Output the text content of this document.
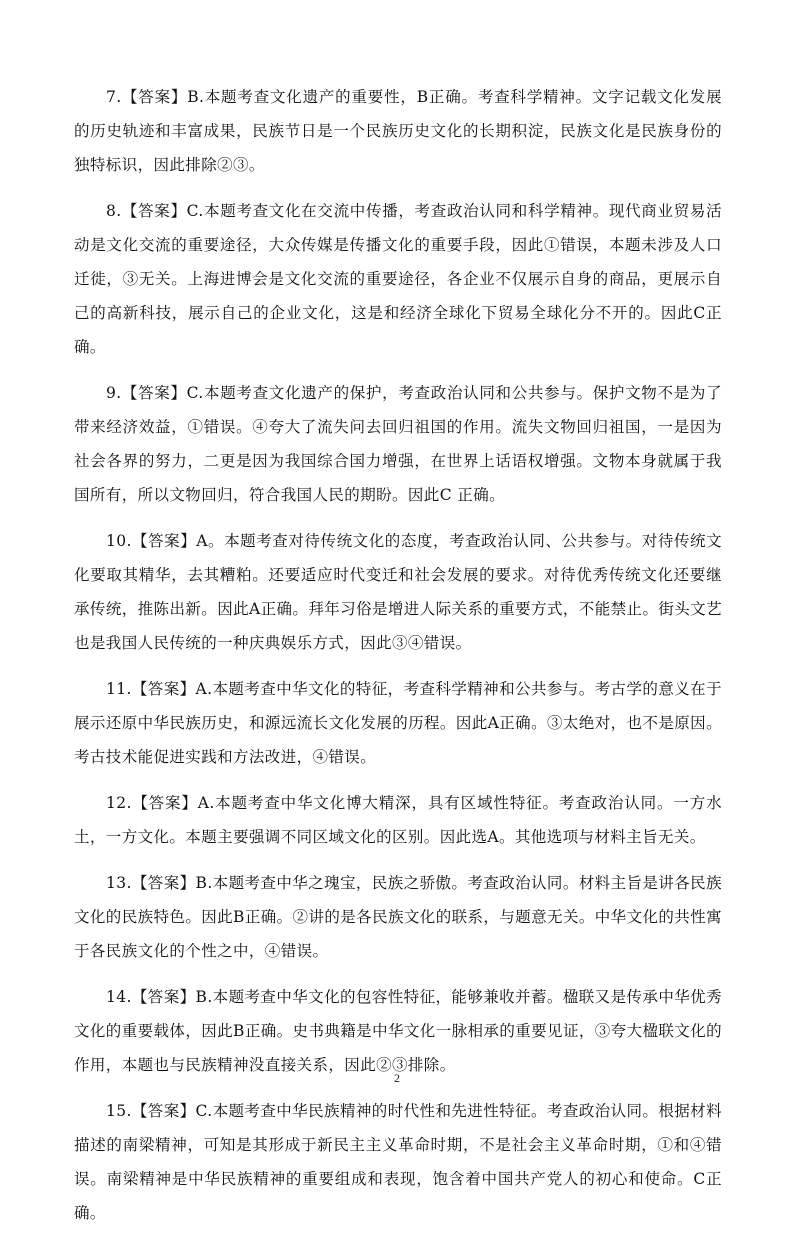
7.【答案】B.本题考查文化遗产的重要性，B正确。考查科学精神。文字记载文化发展的历史轨迹和丰富成果，民族节日是一个民族历史文化的长期积淀，民族文化是民族身份的独特标识，因此排除②③。

8.【答案】C.本题考查文化在交流中传播，考查政治认同和科学精神。现代商业贸易活动是文化交流的重要途径，大众传媒是传播文化的重要手段，因此①错误，本题未涉及人口迁徙，③无关。上海进博会是文化交流的重要途径，各企业不仅展示自身的商品，更展示自己的高新科技，展示自己的企业文化，这是和经济全球化下贸易全球化分不开的。因此C正确。

9.【答案】C.本题考查文化遗产的保护，考查政治认同和公共参与。保护文物不是为了带来经济效益，①错误。④夸大了流失问去回归祖国的作用。流失文物回归祖国，一是因为社会各界的努力，二更是因为我国综合国力增强，在世界上话语权增强。文物本身就属于我国所有，所以文物回归，符合我国人民的期盼。因此C 正确。

10.【答案】A。本题考查对待传统文化的态度，考查政治认同、公共参与。对待传统文化要取其精华，去其糟粕。还要适应时代变迁和社会发展的要求。对待优秀传统文化还要继承传统，推陈出新。因此A正确。拜年习俗是增进人际关系的重要方式，不能禁止。街头文艺也是我国人民传统的一种庆典娱乐方式，因此③④错误。

11.【答案】A.本题考查中华文化的特征，考查科学精神和公共参与。考古学的意义在于展示还原中华民族历史，和源远流长文化发展的历程。因此A正确。③太绝对，也不是原因。考古技术能促进实践和方法改进，④错误。

12.【答案】A.本题考查中华文化博大精深，具有区域性特征。考查政治认同。一方水土，一方文化。本题主要强调不同区域文化的区别。因此选A。其他选项与材料主旨无关。

13.【答案】B.本题考查中华之瑰宝，民族之骄傲。考查政治认同。材料主旨是讲各民族文化的民族特色。因此B正确。②讲的是各民族文化的联系，与题意无关。中华文化的共性寓于各民族文化的个性之中，④错误。

14.【答案】B.本题考查中华文化的包容性特征，能够兼收并蓄。楹联又是传承中华优秀文化的重要载体，因此B正确。史书典籍是中华文化一脉相承的重要见证，③夸大楹联文化的作用，本题也与民族精神没直接关系，因此②③排除。

15.【答案】C.本题考查中华民族精神的时代性和先进性特征。考查政治认同。根据材料描述的南梁精神，可知是其形成于新民主主义革命时期，不是社会主义革命时期，①和④错误。南梁精神是中华民族精神的重要组成和表现，饱含着中国共产党人的初心和使命。C正确。

2
